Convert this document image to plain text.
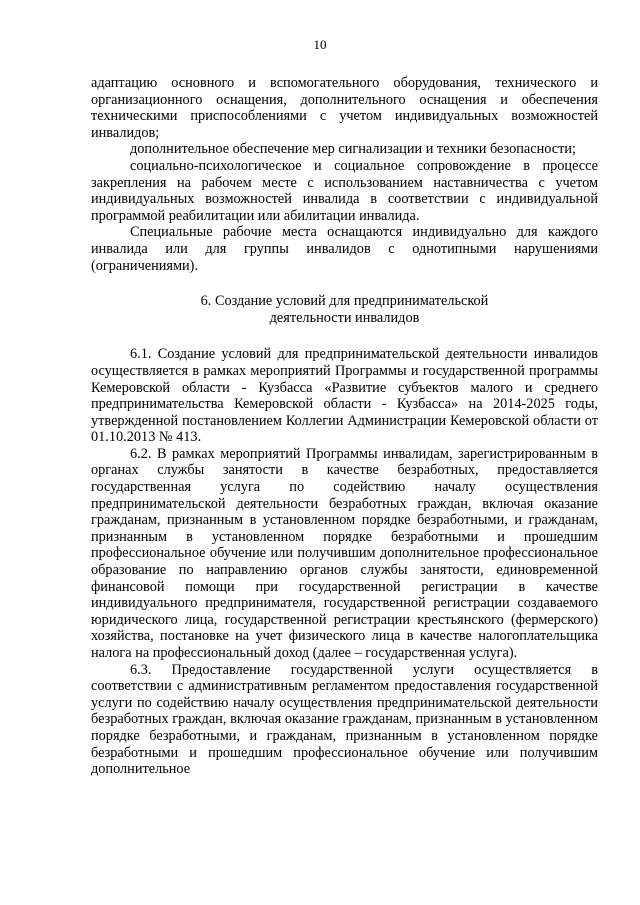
10

адаптацию основного и вспомогательного оборудования, технического и организационного оснащения, дополнительного оснащения и обеспечения техническими приспособлениями с учетом индивидуальных возможностей инвалидов;

дополнительное обеспечение мер сигнализации и техники безопасности;

социально-психологическое и социальное сопровождение в процессе закрепления на рабочем месте с использованием наставничества с учетом индивидуальных возможностей инвалида в соответствии с индивидуальной программой реабилитации или абилитации инвалида.

Специальные рабочие места оснащаются индивидуально для каждого инвалида или для группы инвалидов с однотипными нарушениями (ограничениями).

6. Создание условий для предпринимательской
деятельности инвалидов

6.1. Создание условий для предпринимательской деятельности инвалидов осуществляется в рамках мероприятий Программы и государственной программы Кемеровской области - Кузбасса «Развитие субъектов малого и среднего предпринимательства Кемеровской области - Кузбасса» на 2014-2025 годы, утвержденной постановлением Коллегии Администрации Кемеровской области от 01.10.2013 № 413.

6.2. В рамках мероприятий Программы инвалидам, зарегистрированным в органах службы занятости в качестве безработных, предоставляется государственная услуга по содействию началу осуществления предпринимательской деятельности безработных граждан, включая оказание гражданам, признанным в установленном порядке безработными, и гражданам, признанным в установленном порядке безработными и прошедшим профессиональное обучение или получившим дополнительное профессиональное образование по направлению органов службы занятости, единовременной финансовой помощи при государственной регистрации в качестве индивидуального предпринимателя, государственной регистрации создаваемого юридического лица, государственной регистрации крестьянского (фермерского) хозяйства, постановке на учет физического лица в качестве налогоплательщика налога на профессиональный доход (далее – государственная услуга).

6.3. Предоставление государственной услуги осуществляется в соответствии с административным регламентом предоставления государственной услуги по содействию началу осуществления предпринимательской деятельности безработных граждан, включая оказание гражданам, признанным в установленном порядке безработными, и гражданам, признанным в установленном порядке безработными и прошедшим профессиональное обучение или получившим дополнительное
